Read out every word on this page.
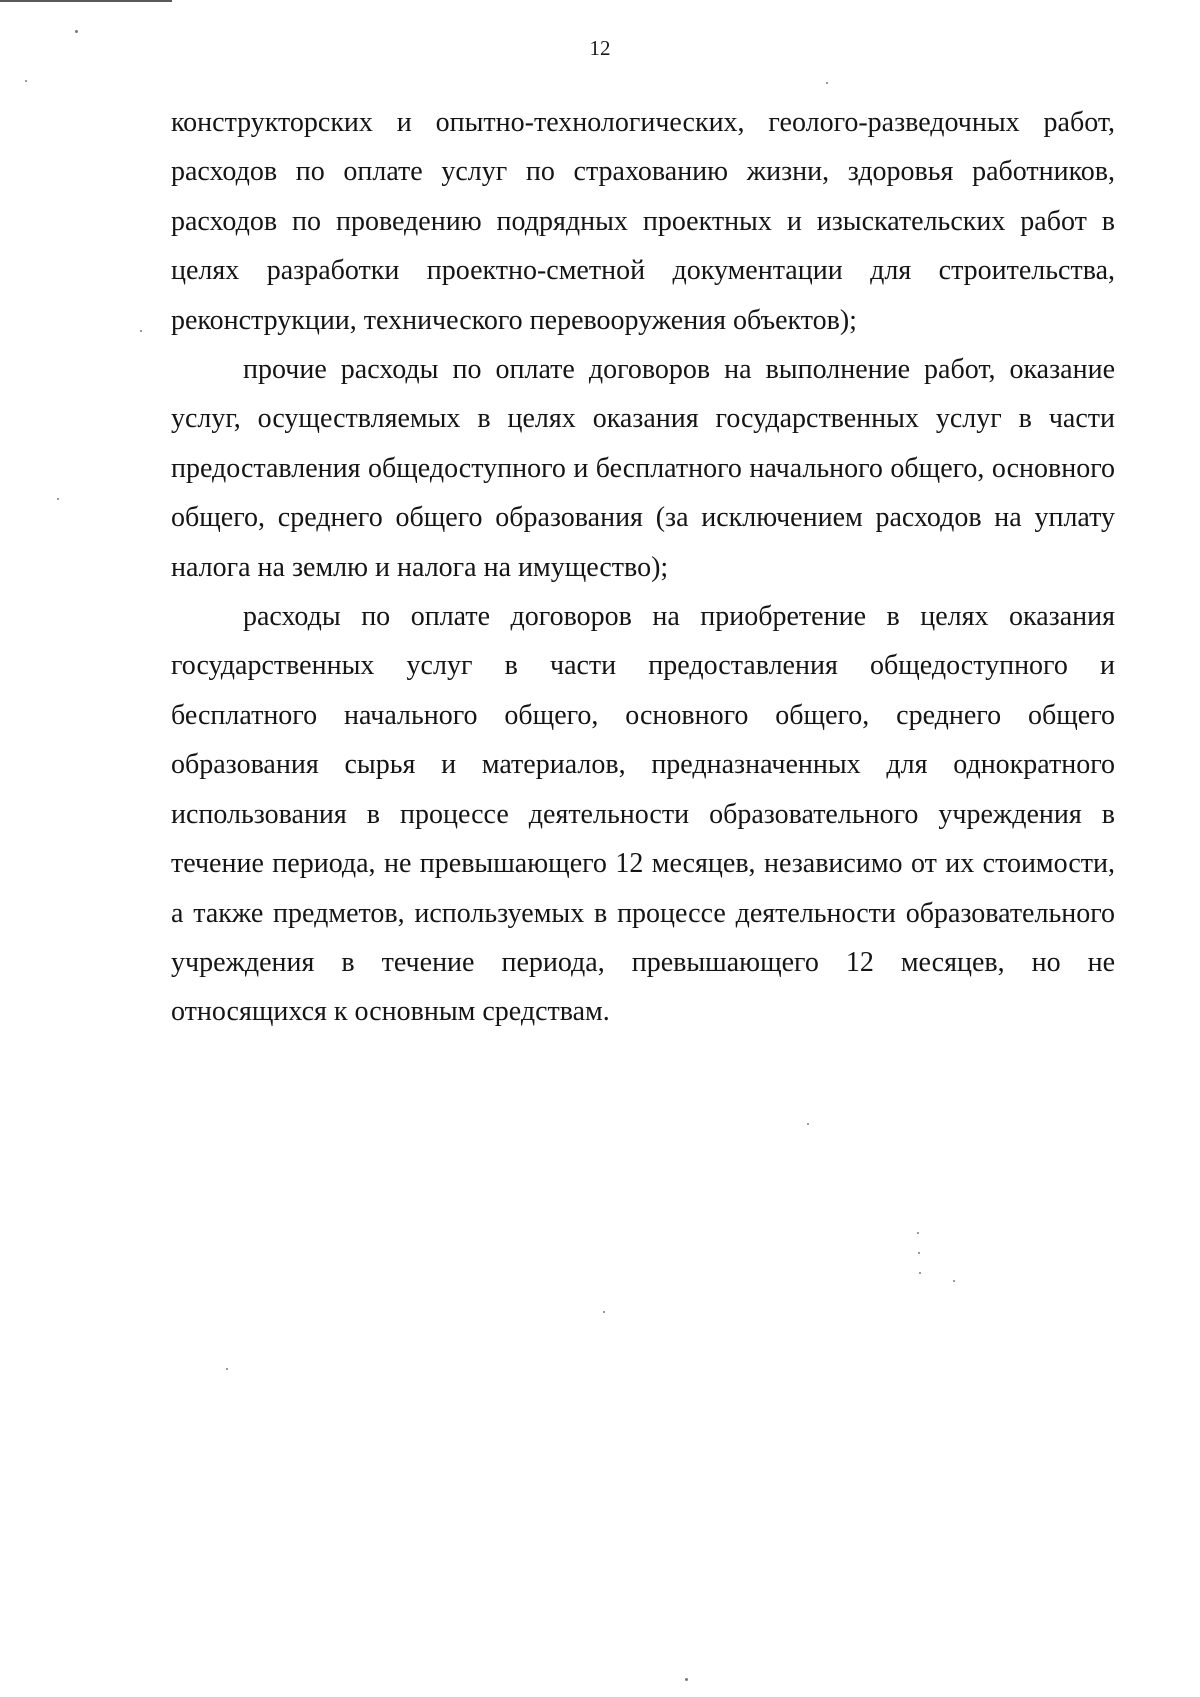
12

конструкторских и опытно-технологических, геолого-разведочных работ, расходов по оплате услуг по страхованию жизни, здоровья работников, расходов по проведению подрядных проектных и изыскательских работ в целях разработки проектно-сметной документации для строительства, реконструкции, технического перевооружения объектов);

прочие расходы по оплате договоров на выполнение работ, оказание услуг, осуществляемых в целях оказания государственных услуг в части предоставления общедоступного и бесплатного начального общего, основного общего, среднего общего образования (за исключением расходов на уплату налога на землю и налога на имущество);

расходы по оплате договоров на приобретение в целях оказания государственных услуг в части предоставления общедоступного и бесплатного начального общего, основного общего, среднего общего образования сырья и материалов, предназначенных для однократного использования в процессе деятельности образовательного учреждения в течение периода, не превышающего 12 месяцев, независимо от их стоимости, а также предметов, используемых в процессе деятельности образовательного учреждения в течение периода, превышающего 12 месяцев, но не относящихся к основным средствам.
